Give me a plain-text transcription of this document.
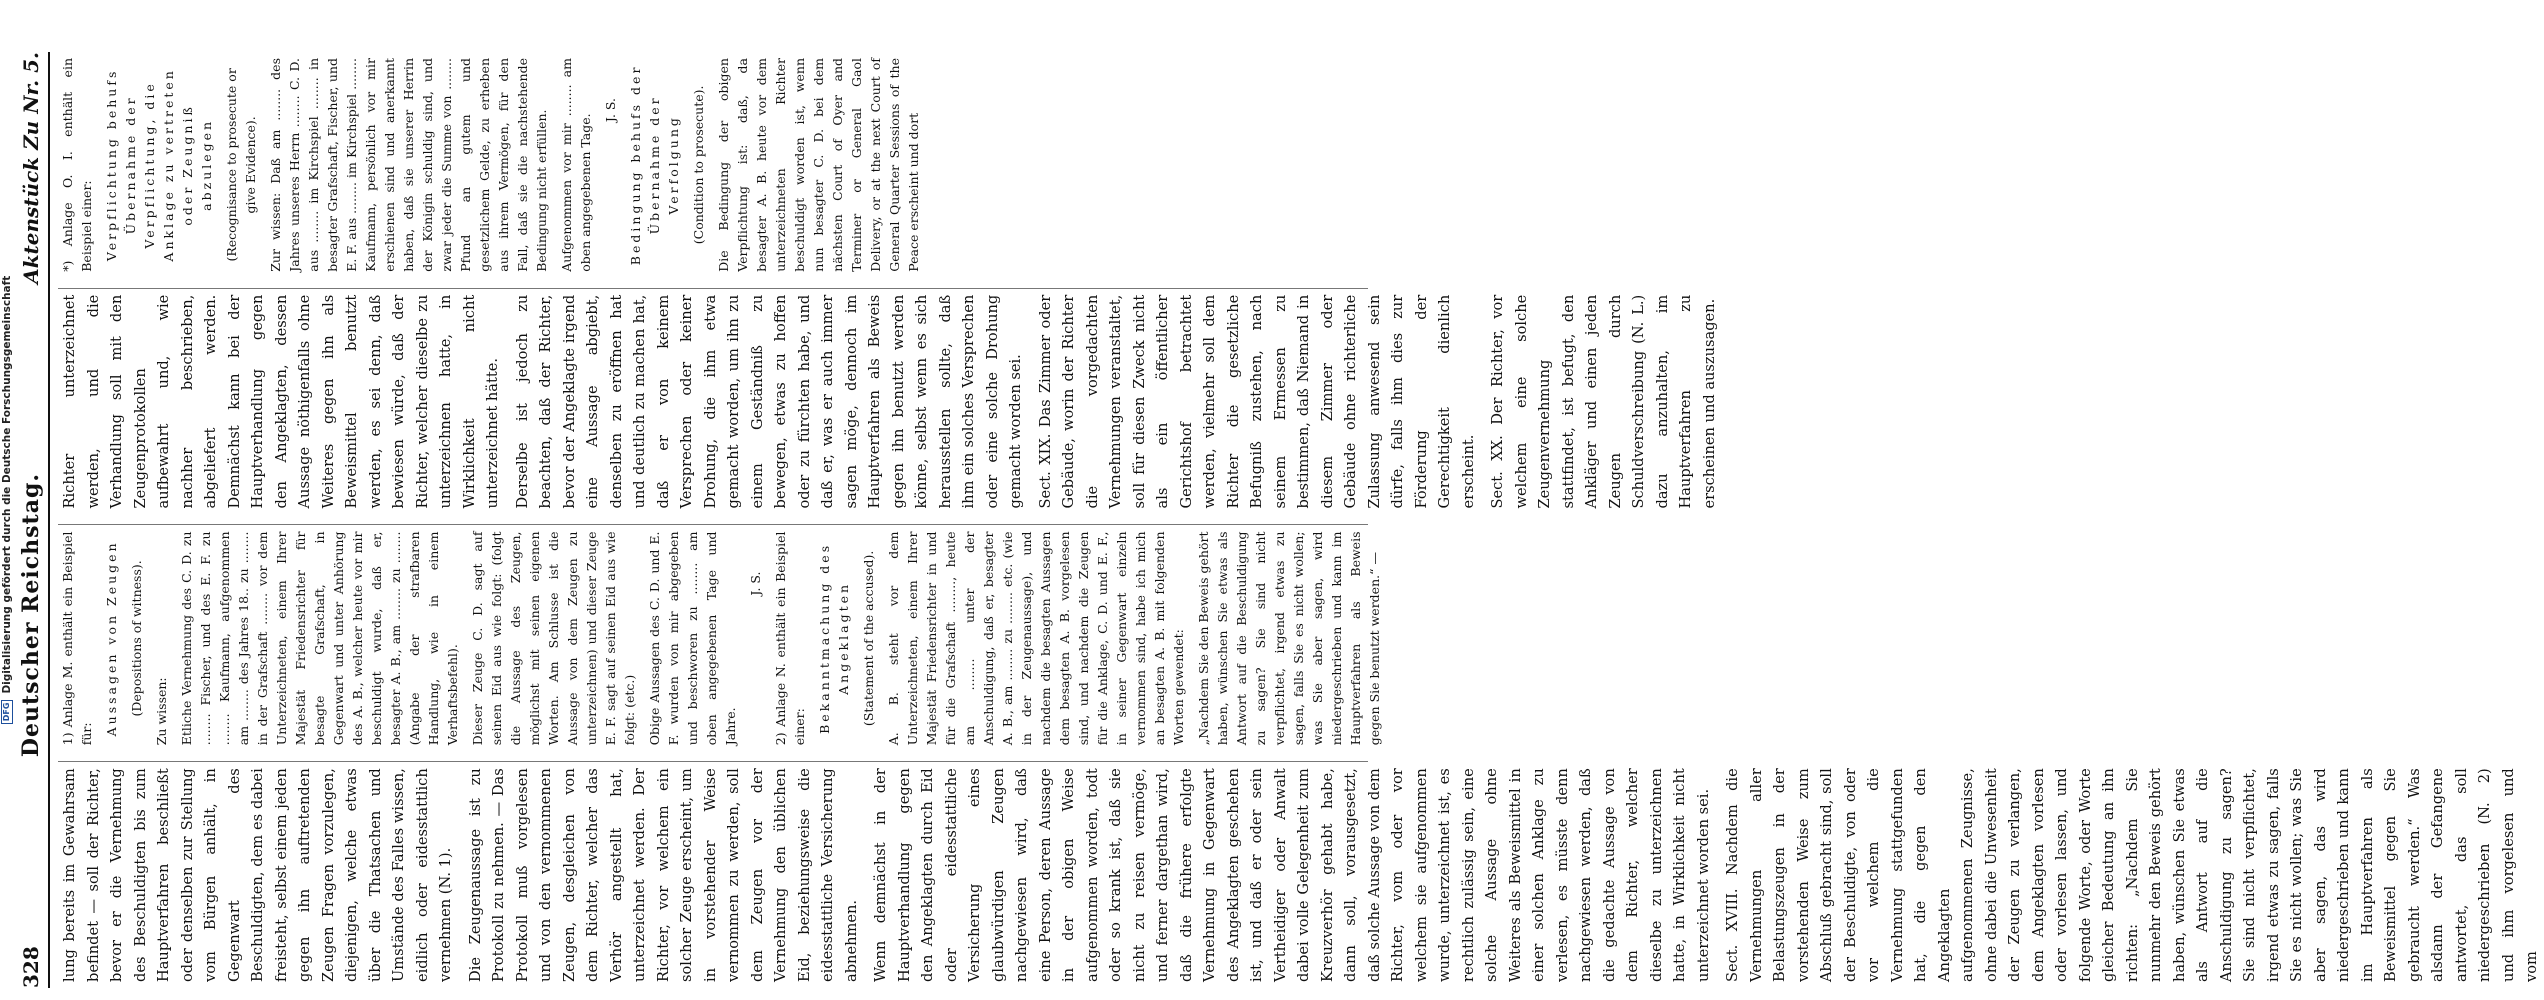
328
Deutscher Reichstag.
Aktenstück Zu Nr. 5.

lung bereits im Gewahrsam befindet — soll der Richter, bevor er die Vernehmung des Beschuldigten bis zum Hauptverfahren beschließt oder denselben zur Stellung vom Bürgen anhält, in Gegenwart des Beschuldigten, dem es dabei freisteht, selbst einem jeden gegen ihn auftretenden Zeugen Fragen vorzulegen, diejenigen, welche etwas über die Thatsachen und Umstände des Falles wissen, eidlich oder eidesstattlich vernehmen (N. 1). Die Zeugenaussage ist zu Protokoll zu nehmen. — Das Protokoll muß vorgelesen und von den vernommenen Zeugen, desgleichen von dem Richter, welcher das Verhör angestellt hat, unterzeichnet werden. Der Richter, vor welchem ein solcher Zeuge erscheint, um in vorstehender Weise vernommen zu werden, soll dem Zeugen vor der Vernehmung den üblichen Eid, beziehungsweise die eidesstattliche Versicherung abnehmen. Wenn demnächst in der Hauptverhandlung gegen den Angeklagten durch Eid oder eidesstattliche Versicherung eines glaubwürdigen Zeugen nachgewiesen wird, daß eine Person, deren Aussage in der obigen Weise aufgenommen worden, todt oder so krank ist, daß sie nicht zu reisen vermöge, und ferner dargethan wird, daß die frühere erfolgte Vernehmung in Gegenwart des Angeklagten geschehen ist, und daß er oder sein Vertheidiger oder Anwalt dabei volle Gelegenheit zum Kreuzverhör gehabt habe, dann soll, vorausgesetzt, daß solche Aussage von dem Richter, vom oder vor welchem sie aufgenommen wurde, unterzeichnet ist, es rechtlich zulässig sein, eine solche Aussage ohne Weiteres als Beweismittel in einer solchen Anklage zu verlesen, es müsste denn nachgewiesen werden, daß die gedachte Aussage von dem Richter, welcher dieselbe zu unterzeichnen hatte, in Wirklichkeit nicht unterzeichnet worden sei. Sect. XVIII. Nachdem die Vernehmungen aller Belastungszeugen in der vorstehenden Weise zum Abschluß gebracht sind, soll der Beschuldigte, von oder vor welchem die Vernehmung stattgefunden hat, die gegen den Angeklagten aufgenommenen Zeugnisse, ohne dabei die Unwesenheit der Zeugen zu verlangen, dem Angeklagten vorlesen oder vorlesen lassen, und folgende Worte, oder Worte gleicher Bedeutung an ihn richten: „Nachdem Sie nunmehr den Beweis gehört haben, wünschen Sie etwas als Antwort auf die Anschuldigung zu sagen? Sie sind nicht verpflichtet, irgend etwas zu sagen, falls Sie es nicht wollen; was Sie aber sagen, das wird niedergeschrieben und kann im Hauptverfahren als Beweismittel gegen Sie gebraucht werden.“ Was alsdann der Gefangene antwortet, das soll niedergeschrieben (N. 2) und ihm vorgelesen und vom

1) Anlage M. enthält ein Beispiel für: Aussagen von Zeugen (Depositions of witness). Zu wissen: Etliche Vernehmung des C. D. zu ........ Fischer, und des E. F. zu ........ Kaufmann, aufgenommen am ........ des Jahres 18.. zu ........ in der Grafschaft ........ vor dem Unterzeichneten, einem Ihrer Majestät Friedensrichter für besagte Grafschaft, in Gegenwart und unter Anhörung des A. B., welcher heute vor mir beschuldigt wurde, daß er, besagter A. B., am ........ zu ........ (Angabe der strafbaren Handlung, wie in einem Verhaftsbefehl). Dieser Zeuge C. D. sagt auf seinen Eid aus wie folgt: (folgt die Aussage des Zeugen, möglichst mit seinen eigenen Worten. Am Schlusse ist die Aussage von dem Zeugen zu unterzeichnen) und dieser Zeuge E. F. sagt auf seinen Eid aus wie folgt: (etc.) Obige Aussagen des C. D. und E. F. wurden von mir abgegeben und beschworen zu ........ am oben angegebenen Tage und Jahre.

J. S. 2) Anlage N. enthält ein Beispiel einer: Bekanntmachung des Angeklagten (Statement of the accused). A. B. steht vor dem Unterzeichneten, einem Ihrer Majestät Friedensrichter in und für die Grafschaft ........, heute am ........ unter der Anschuldigung, daß er, besagter A. B., am ........ zu ........ etc. (wie in der Zeugenaussage), und nachdem die besagten Aussagen dem besagten A. B. vorgelesen sind, und nachdem die Zeugen für die Anklage, C. D. und E. F., in seiner Gegenwart einzeln vernommen sind, habe ich mich an besagten A. B. mit folgenden Worten gewendet: „Nachdem Sie den Beweis gehört haben, wünschen Sie etwas als Antwort auf die Beschuldigung zu sagen? Sie sind nicht verpflichtet, irgend etwas zu sagen, falls Sie es nicht wollen; was Sie aber sagen, wird niedergeschrieben und kann im Hauptverfahren als Beweis gegen Sie benutzt werden.“ —

Richter unterzeichnet werden, und die Verhandlung soll mit den Zeugenprotokollen aufbewahrt und, wie nachher beschrieben, abgeliefert werden. Demnächst kann bei der Hauptverhandlung gegen den Angeklagten, dessen Aussage nöthigenfalls ohne Weiteres gegen ihn als Beweismittel benutzt werden, es sei denn, daß bewiesen würde, daß der Richter, welcher dieselbe zu unterzeichnen hatte, in Wirklichkeit nicht unterzeichnet hätte. Derselbe ist jedoch zu beachten, daß der Richter, bevor der Angeklagte irgend eine Aussage abgiebt, denselben zu eröffnen hat und deutlich zu machen hat, daß er von keinem Versprechen oder keiner Drohung, die ihm etwa gemacht worden, um ihn zu einem Geständniß zu bewegen, etwas zu hoffen oder zu fürchten habe, und daß er, was er auch immer sagen möge, dennoch im Hauptverfahren als Beweis gegen ihn benutzt werden könne, selbst wenn es sich herausstellen sollte, daß ihm ein solches Versprechen oder eine solche Drohung gemacht worden sei. Sect. XIX. Das Zimmer oder Gebäude, worin der Richter die vorgedachten Vernehmungen veranstaltet, soll für diesen Zweck nicht als ein öffentlicher Gerichtshof betrachtet werden, vielmehr soll dem Richter die gesetzliche Befugniß zustehen, nach seinem Ermessen zu bestimmen, daß Niemand in diesem Zimmer oder Gebäude ohne richterliche Zulassung anwesend sein dürfe, falls ihm dies zur Förderung der Gerechtigkeit dienlich erscheint. Sect. XX. Der Richter, vor welchem eine solche Zeugenvernehmung stattfindet, ist befugt, den Ankläger und einen jeden Zeugen durch Schuldverschreibung (N. L.) dazu anzuhalten, im Hauptverfahren zu erscheinen und auszusagen.

*) Anlage O. I. enthält ein Beispiel einer: Verpflichtung behufs Übernahme der Verpflichtung, die Anklage zu vertreten oder Zeugniß abzulegen (Recognisance to prosecute or give Evidence). Zur wissen: Daß am ........ des Jahres unseres Herrn ........ C. D. aus ........ im Kirchspiel ........ in besagter Grafschaft, Fischer, und E. F. aus ........ im Kirchspiel ........ Kaufmann, persönlich vor mir erschienen sind und anerkannt haben, daß sie unserer Herrin der Königin schuldig sind, und zwar jeder die Summe von ........ Pfund an gutem und gesetzlichem Gelde, zu erheben aus ihrem Vermögen, für den Fall, daß sie die nachstehende Bedingung nicht erfüllen. Aufgenommen vor mir ........ am oben angegebenen Tage.

J. S. Bedingung behufs der Übernahme der Verfolgung (Condition to prosecute). Die Bedingung der obigen Verpflichtung ist: daß, da besagter A. B. heute vor dem unterzeichneten Richter beschuldigt worden ist, wenn nun besagter C. D. bei dem nächsten Court of Oyer and Terminer or General Gaol Delivery, or at the next Court of General Quarter Sessions of the Peace erscheint und dort

DFG
Digitalisierung gefördert durch die Deutsche Forschungsgemeinschaft
